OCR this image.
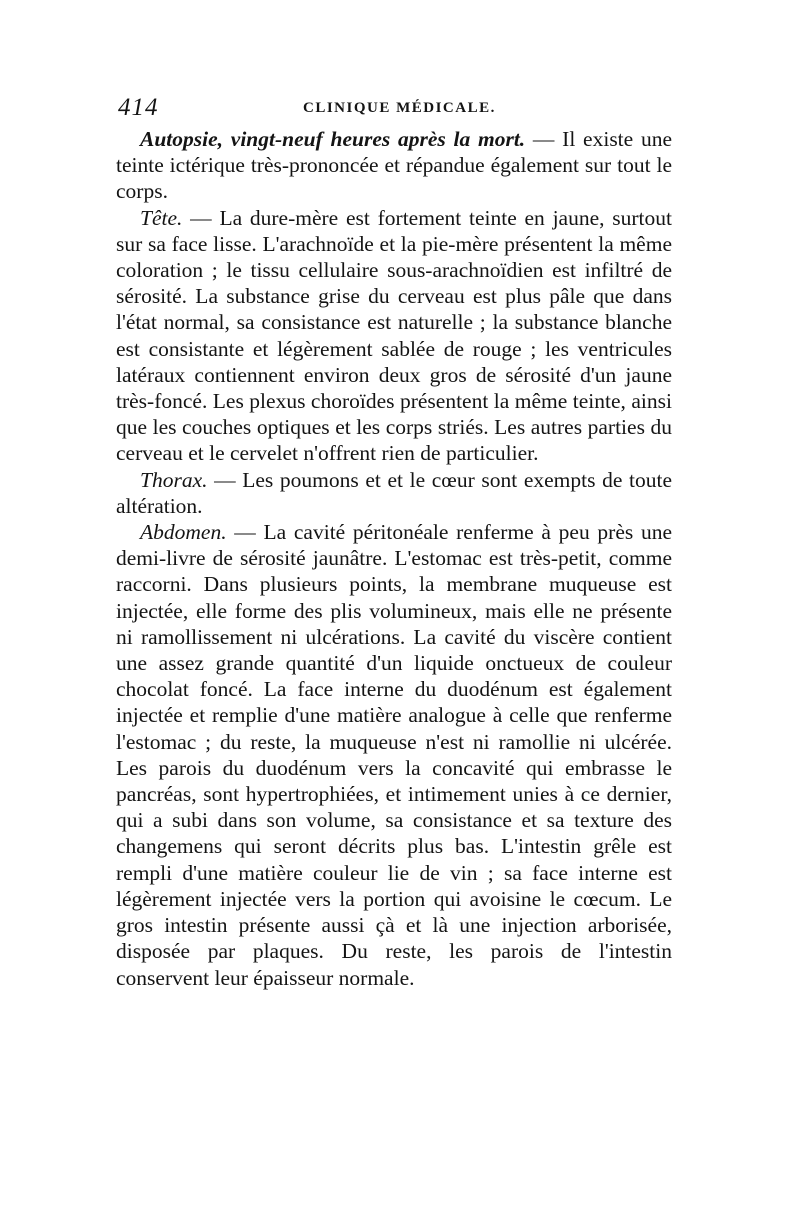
414	CLINIQUE MÉDICALE.

Autopsie, vingt-neuf heures après la mort. — Il existe une teinte ictérique très-prononcée et répandue également sur tout le corps.

Tête. — La dure-mère est fortement teinte en jaune, surtout sur sa face lisse. L'arachnoïde et la pie-mère présentent la même coloration ; le tissu cellulaire sous-arachnoïdien est infiltré de sérosité. La substance grise du cerveau est plus pâle que dans l'état normal, sa consistance est naturelle ; la substance blanche est consistante et légèrement sablée de rouge ; les ventricules latéraux contiennent environ deux gros de sérosité d'un jaune très-foncé. Les plexus choroïdes présentent la même teinte, ainsi que les couches optiques et les corps striés. Les autres parties du cerveau et le cervelet n'offrent rien de particulier.

Thorax. — Les poumons et et le cœur sont exempts de toute altération.

Abdomen. — La cavité péritonéale renferme à peu près une demi-livre de sérosité jaunâtre. L'estomac est très-petit, comme raccorni. Dans plusieurs points, la membrane muqueuse est injectée, elle forme des plis volumineux, mais elle ne présente ni ramollissement ni ulcérations. La cavité du viscère contient une assez grande quantité d'un liquide onctueux de couleur chocolat foncé. La face interne du duodénum est également injectée et remplie d'une matière analogue à celle que renferme l'estomac ; du reste, la muqueuse n'est ni ramollie ni ulcérée. Les parois du duodénum vers la concavité qui embrasse le pancréas, sont hypertrophiées, et intimement unies à ce dernier, qui a subi dans son volume, sa consistance et sa texture des changemens qui seront décrits plus bas. L'intestin grêle est rempli d'une matière couleur lie de vin ; sa face interne est légèrement injectée vers la portion qui avoisine le cœcum. Le gros intestin présente aussi çà et là une injection arborisée, disposée par plaques. Du reste, les parois de l'intestin conservent leur épaisseur normale.
